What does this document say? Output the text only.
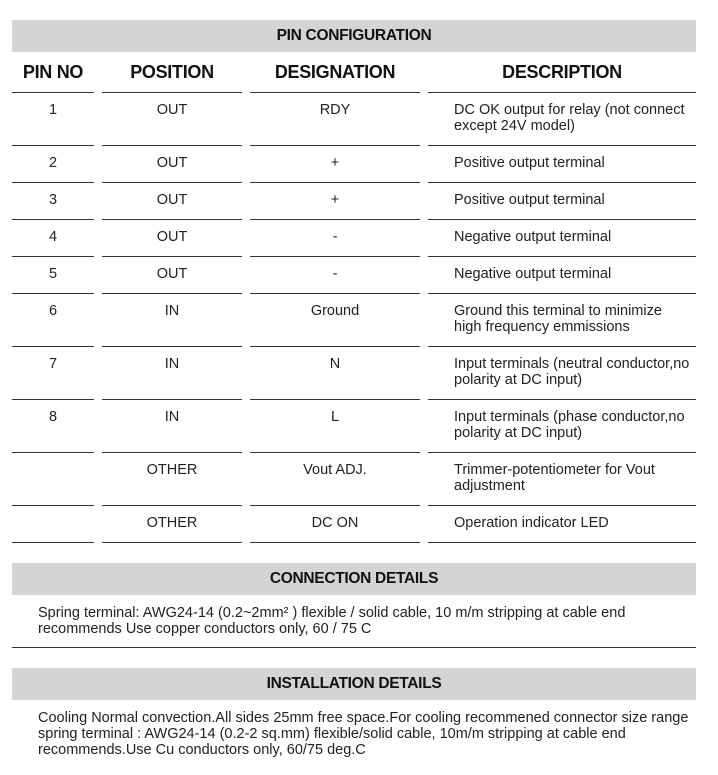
PIN CONFIGURATION
PIN NO	POSITION	DESIGNATION	DESCRIPTION
1	OUT	RDY	DC OK output for relay (not connect except 24V model)
2	OUT	+	Positive output terminal
3	OUT	+	Positive output terminal
4	OUT	-	Negative output terminal
5	OUT	-	Negative output terminal
6	IN	Ground	Ground this terminal to minimize high frequency emmissions
7	IN	N	Input terminals (neutral conductor,no polarity at DC input)
8	IN	L	Input terminals (phase conductor,no polarity at DC input)
	OTHER	Vout ADJ.	Trimmer-potentiometer for Vout adjustment
	OTHER	DC ON	Operation indicator LED
CONNECTION DETAILS
Spring terminal: AWG24-14 (0.2~2mm² ) flexible / solid cable, 10 m/m stripping at cable end recommends Use copper conductors only, 60 / 75 C
INSTALLATION DETAILS
Cooling Normal convection.All sides 25mm free space.For cooling recommened connector size range spring terminal : AWG24-14 (0.2-2 sq.mm) flexible/solid cable, 10m/m stripping at cable end recommends.Use Cu conductors only, 60/75 deg.C
